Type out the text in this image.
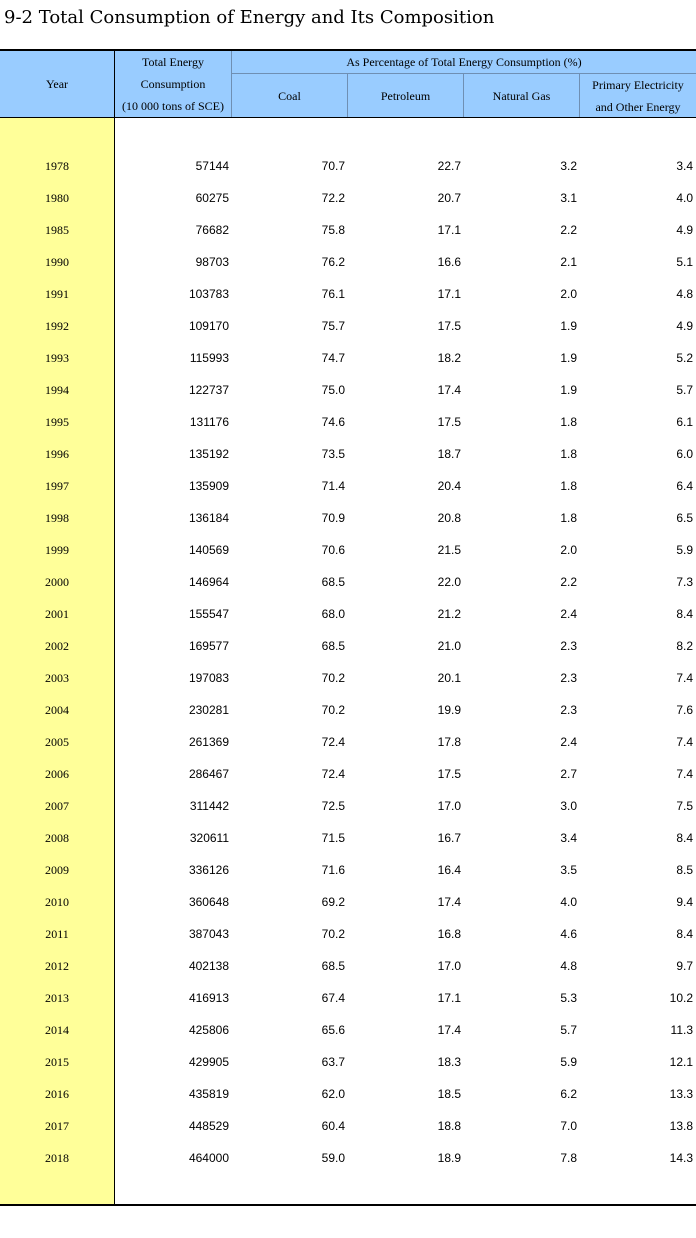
9-2 Total Consumption of Energy and Its Composition
Year
Total Energy
Consumption
(10 000 tons of SCE)
As Percentage of Total Energy Consumption (%)
Coal	Petroleum	Natural Gas
Primary Electricity
and Other Energy
1978	57144	70.7	22.7	3.2	3.4
1980	60275	72.2	20.7	3.1	4.0
1985	76682	75.8	17.1	2.2	4.9
1990	98703	76.2	16.6	2.1	5.1
1991	103783	76.1	17.1	2.0	4.8
1992	109170	75.7	17.5	1.9	4.9
1993	115993	74.7	18.2	1.9	5.2
1994	122737	75.0	17.4	1.9	5.7
1995	131176	74.6	17.5	1.8	6.1
1996	135192	73.5	18.7	1.8	6.0
1997	135909	71.4	20.4	1.8	6.4
1998	136184	70.9	20.8	1.8	6.5
1999	140569	70.6	21.5	2.0	5.9
2000	146964	68.5	22.0	2.2	7.3
2001	155547	68.0	21.2	2.4	8.4
2002	169577	68.5	21.0	2.3	8.2
2003	197083	70.2	20.1	2.3	7.4
2004	230281	70.2	19.9	2.3	7.6
2005	261369	72.4	17.8	2.4	7.4
2006	286467	72.4	17.5	2.7	7.4
2007	311442	72.5	17.0	3.0	7.5
2008	320611	71.5	16.7	3.4	8.4
2009	336126	71.6	16.4	3.5	8.5
2010	360648	69.2	17.4	4.0	9.4
2011	387043	70.2	16.8	4.6	8.4
2012	402138	68.5	17.0	4.8	9.7
2013	416913	67.4	17.1	5.3	10.2
2014	425806	65.6	17.4	5.7	11.3
2015	429905	63.7	18.3	5.9	12.1
2016	435819	62.0	18.5	6.2	13.3
2017	448529	60.4	18.8	7.0	13.8
2018	464000	59.0	18.9	7.8	14.3
